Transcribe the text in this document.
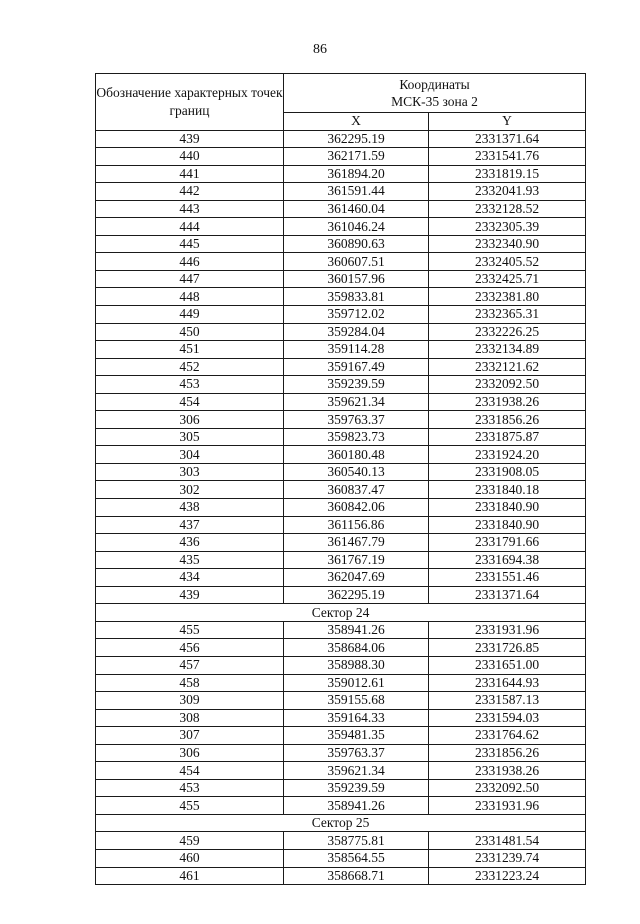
86
Обозначение характерных точек границ	Координаты
МСК-35 зона 2	
	X	Y
439	362295.19	2331371.64
440	362171.59	2331541.76
441	361894.20	2331819.15
442	361591.44	2332041.93
443	361460.04	2332128.52
444	361046.24	2332305.39
445	360890.63	2332340.90
446	360607.51	2332405.52
447	360157.96	2332425.71
448	359833.81	2332381.80
449	359712.02	2332365.31
450	359284.04	2332226.25
451	359114.28	2332134.89
452	359167.49	2332121.62
453	359239.59	2332092.50
454	359621.34	2331938.26
306	359763.37	2331856.26
305	359823.73	2331875.87
304	360180.48	2331924.20
303	360540.13	2331908.05
302	360837.47	2331840.18
438	360842.06	2331840.90
437	361156.86	2331840.90
436	361467.79	2331791.66
435	361767.19	2331694.38
434	362047.69	2331551.46
439	362295.19	2331371.64
Сектор 24		
455	358941.26	2331931.96
456	358684.06	2331726.85
457	358988.30	2331651.00
458	359012.61	2331644.93
309	359155.68	2331587.13
308	359164.33	2331594.03
307	359481.35	2331764.62
306	359763.37	2331856.26
454	359621.34	2331938.26
453	359239.59	2332092.50
455	358941.26	2331931.96
Сектор 25		
459	358775.81	2331481.54
460	358564.55	2331239.74
461	358668.71	2331223.24
